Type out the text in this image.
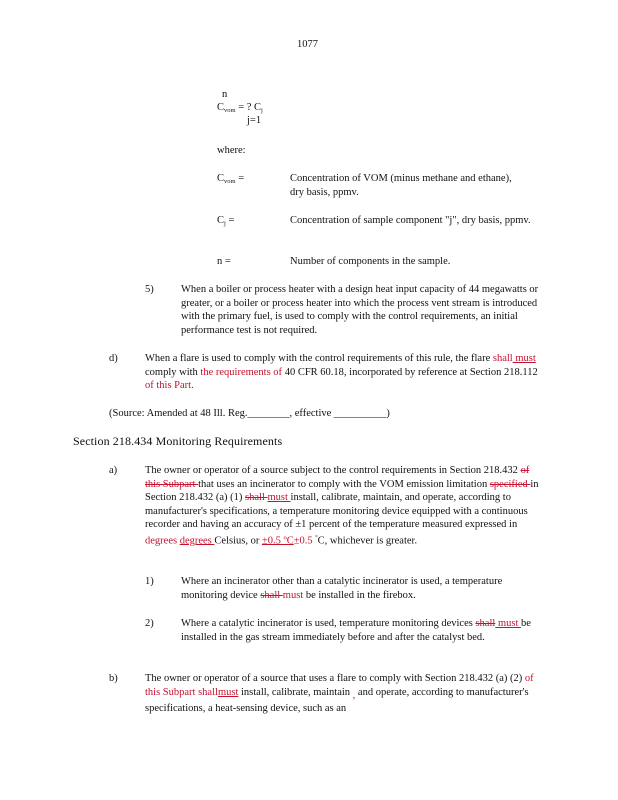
1077
n
Cvom = ? Cj
j=1
where:
Cvom =	Concentration of VOM (minus methane and ethane), dry basis, ppmv.
Cj =	Concentration of sample component "j", dry basis, ppmv.
n =	Number of components in the sample.
5)	When a boiler or process heater with a design heat input capacity of 44 megawatts or greater, or a boiler or process heater into which the process vent stream is introduced with the primary fuel, is used to comply with the control requirements, an initial performance test is not required.
d)	When a flare is used to comply with the control requirements of this rule, the flare shall must comply with the requirements of 40 CFR 60.18, incorporated by reference at Section 218.112 of this Part.
(Source: Amended at 48 Ill. Reg.________, effective __________)
Section 218.434 Monitoring Requirements
a)	The owner or operator of a source subject to the control requirements in Section 218.432 of this Subpart that uses an incinerator to comply with the VOM emission limitation specified in Section 218.432 (a) (1) shall must install, calibrate, maintain, and operate, according to manufacturer's specifications, a temperature monitoring device equipped with a continuous recorder and having an accuracy of ±1 percent of the temperature measured expressed in degrees degrees Celsius, or ±0.5 ºC±0.5 °C, whichever is greater.
1)	Where an incinerator other than a catalytic incinerator is used, a temperature monitoring device shall must be installed in the firebox.
2)	Where a catalytic incinerator is used, temperature monitoring devices shall must be installed in the gas stream immediately before and after the catalyst bed.
b)	The owner or operator of a source that uses a flare to comply with Section 218.432 (a) (2) of this Subpart shallmust install, calibrate, maintain , and operate, according to manufacturer's specifications, a heat-sensing device, such as an
